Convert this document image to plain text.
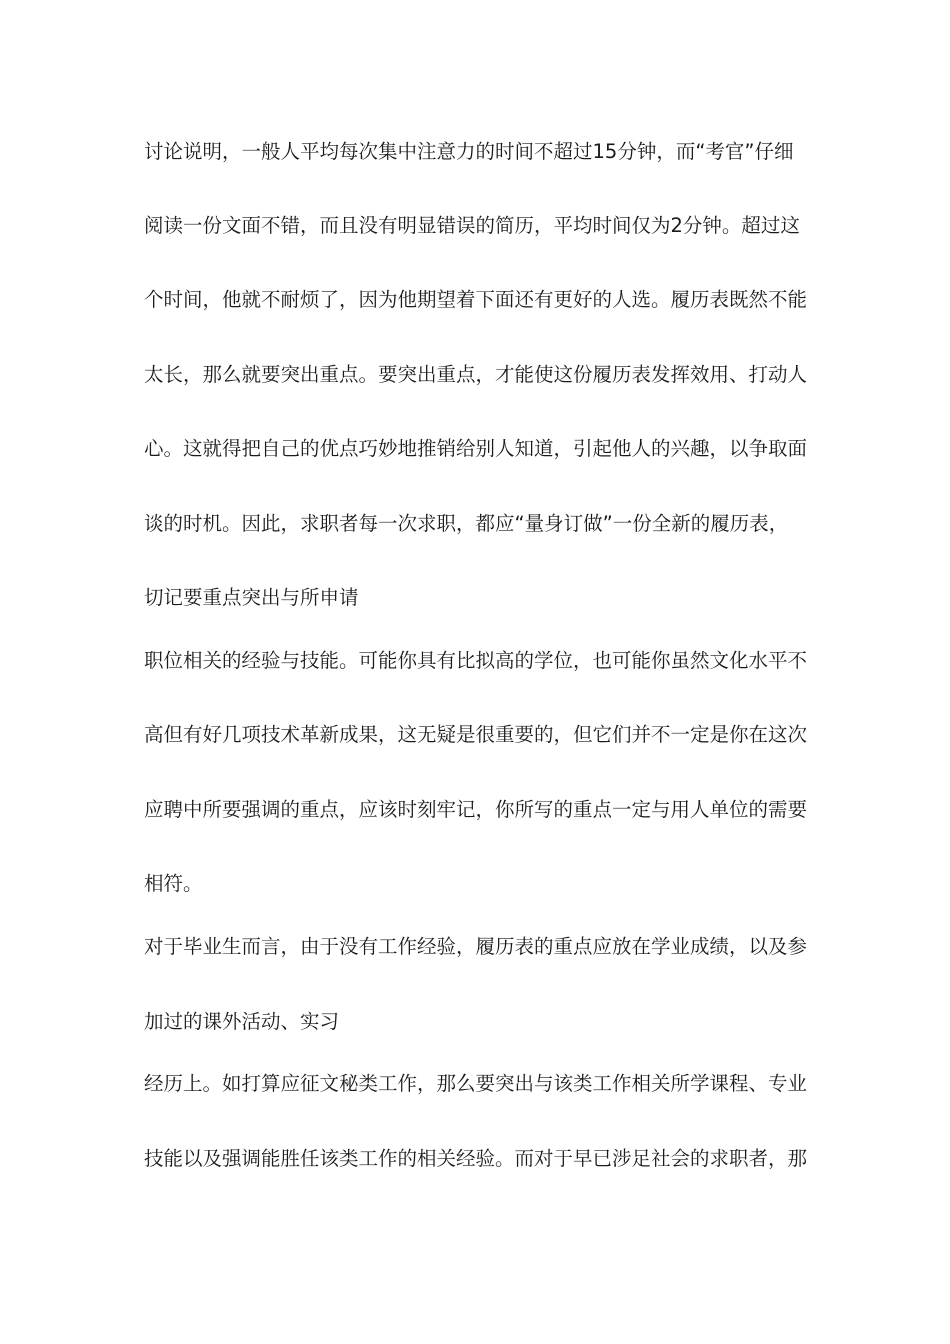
讨论说明，一般人平均每次集中注意力的时间不超过15分钟，而“考官”仔细
阅读一份文面不错，而且没有明显错误的简历，平均时间仅为2分钟。超过这
个时间，他就不耐烦了，因为他期望着下面还有更好的人选。履历表既然不能
太长，那么就要突出重点。要突出重点，才能使这份履历表发挥效用、打动人
心。这就得把自己的优点巧妙地推销给别人知道，引起他人的兴趣，以争取面
谈的时机。因此，求职者每一次求职，都应“量身订做”一份全新的履历表，
切记要重点突出与所申请
职位相关的经验与技能。可能你具有比拟高的学位，也可能你虽然文化水平不
高但有好几项技术革新成果，这无疑是很重要的，但它们并不一定是你在这次
应聘中所要强调的重点，应该时刻牢记，你所写的重点一定与用人单位的需要
相符。
对于毕业生而言，由于没有工作经验，履历表的重点应放在学业成绩，以及参
加过的课外活动、实习
经历上。如打算应征文秘类工作，那么要突出与该类工作相关所学课程、专业
技能以及强调能胜任该类工作的相关经验。而对于早已涉足社会的求职者，那
